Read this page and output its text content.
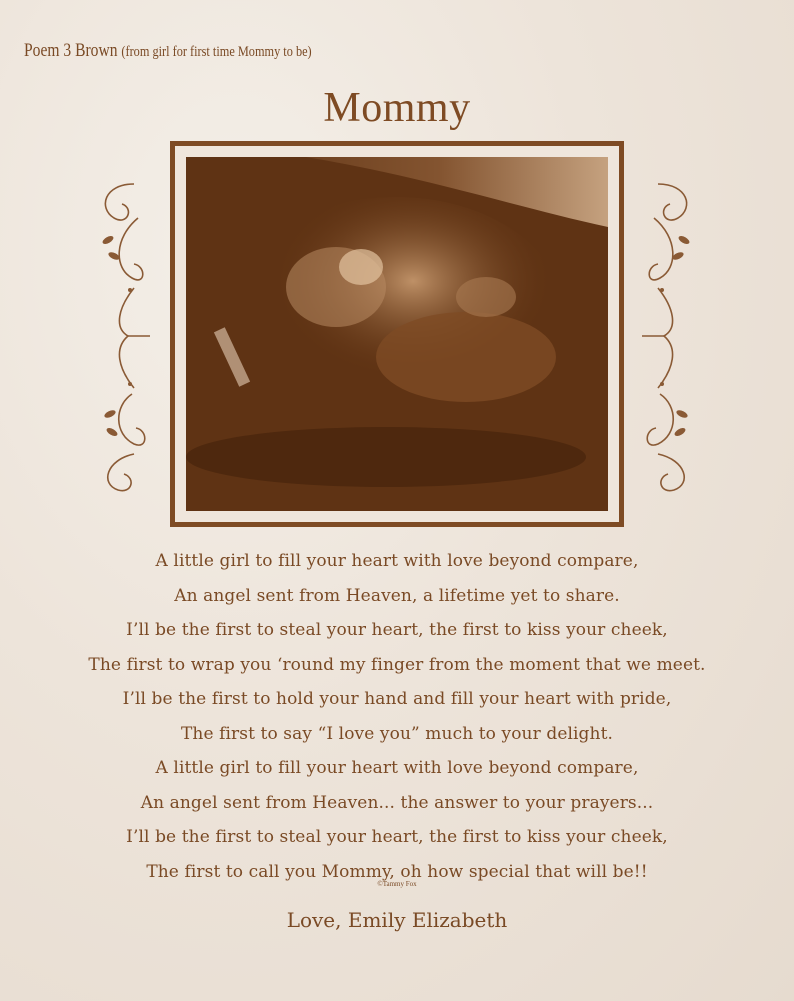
Poem 3 Brown (from girl for first time Mommy to be)
Mommy
A little girl to fill your heart with love beyond compare,
An angel sent from Heaven, a lifetime yet to share.
I’ll be the first to steal your heart, the first to kiss your cheek,
The first to wrap you ‘round my finger from the moment that we meet.
I’ll be the first to hold your hand and fill your heart with pride,
The first to say “I love you” much to your delight.
A little girl to fill your heart with love beyond compare,
An angel sent from Heaven... the answer to your prayers...
I’ll be the first to steal your heart, the first to kiss your cheek,
The first to call you Mommy, oh how special that will be!!
©Tammy Fox
Love, Emily Elizabeth
